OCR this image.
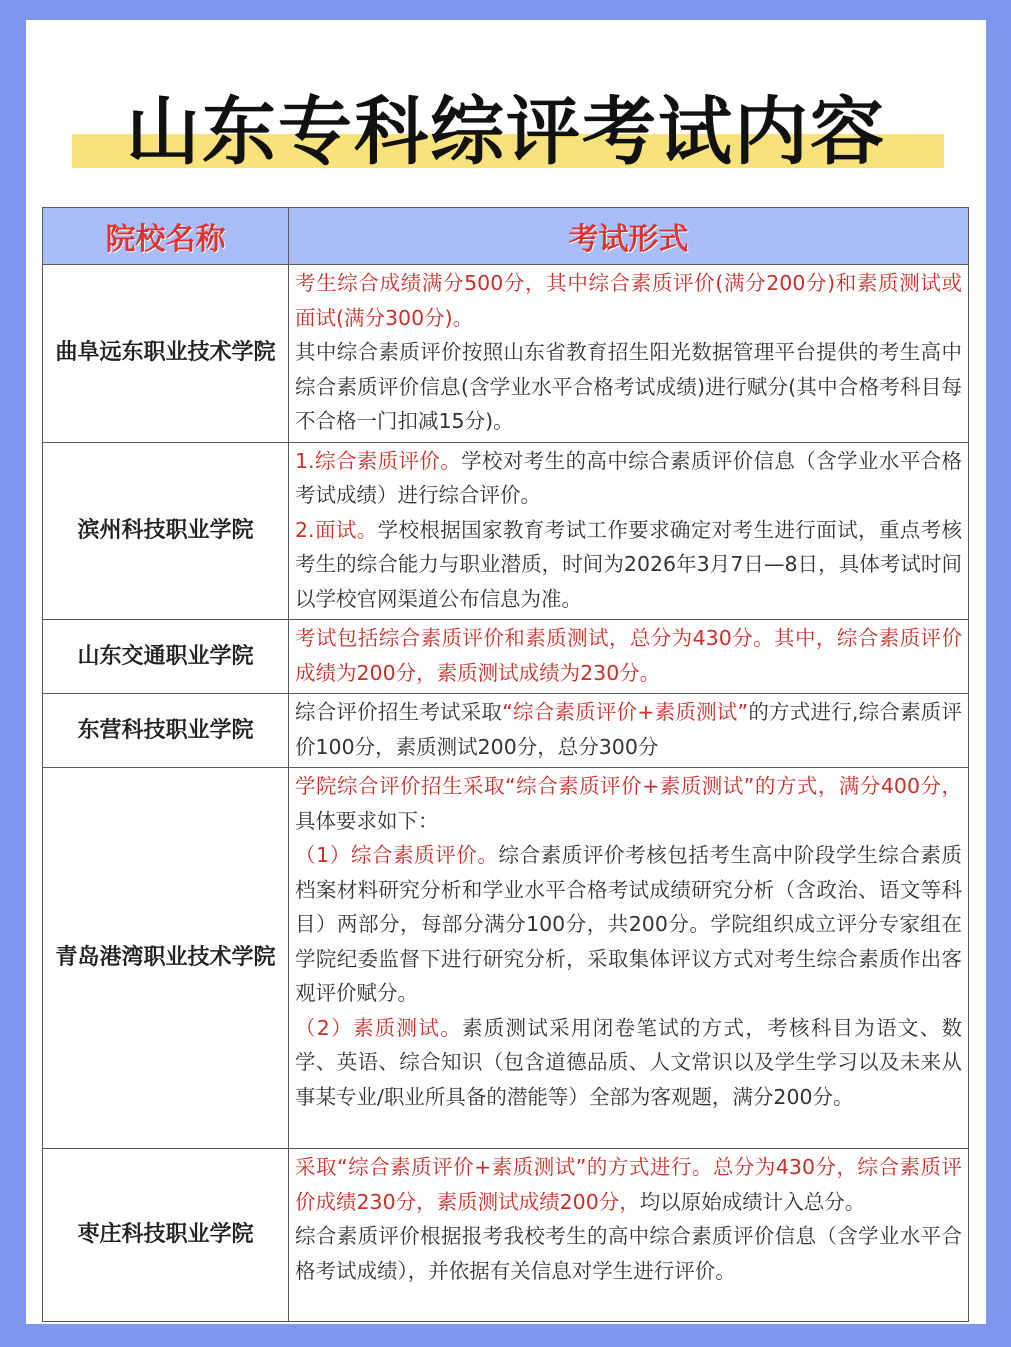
山东专科综评考试内容
院校名称	考试形式
曲阜远东职业技术学院	考生综合成绩满分500分，其中综合素质评价(满分200分)和素质测试或面试(满分300分)。
其中综合素质评价按照山东省教育招生阳光数据管理平台提供的考生高中综合素质评价信息(含学业水平合格考试成绩)进行赋分(其中合格考科目每不合格一门扣减15分)。
滨州科技职业学院	1.综合素质评价。学校对考生的高中综合素质评价信息（含学业水平合格考试成绩）进行综合评价。
2.面试。学校根据国家教育考试工作要求确定对考生进行面试，重点考核考生的综合能力与职业潜质，时间为2026年3月7日—8日，具体考试时间以学校官网渠道公布信息为准。
山东交通职业学院	考试包括综合素质评价和素质测试，总分为430分。其中，综合素质评价成绩为200分，素质测试成绩为230分。
东营科技职业学院	综合评价招生考试采取“综合素质评价+素质测试”的方式进行,综合素质评价100分，素质测试200分，总分300分
青岛港湾职业技术学院	学院综合评价招生采取“综合素质评价+素质测试”的方式，满分400分，具体要求如下：
（1）综合素质评价。综合素质评价考核包括考生高中阶段学生综合素质档案材料研究分析和学业水平合格考试成绩研究分析（含政治、语文等科目）两部分，每部分满分100分，共200分。学院组织成立评分专家组在学院纪委监督下进行研究分析，采取集体评议方式对考生综合素质作出客观评价赋分。
（2）素质测试。素质测试采用闭卷笔试的方式，考核科目为语文、数学、英语、综合知识（包含道德品质、人文常识以及学生学习以及未来从事某专业/职业所具备的潜能等）全部为客观题，满分200分。
枣庄科技职业学院	采取“综合素质评价+素质测试”的方式进行。总分为430分，综合素质评价成绩230分，素质测试成绩200分，均以原始成绩计入总分。
综合素质评价根据报考我校考生的高中综合素质评价信息（含学业水平合格考试成绩），并依据有关信息对学生进行评价。
